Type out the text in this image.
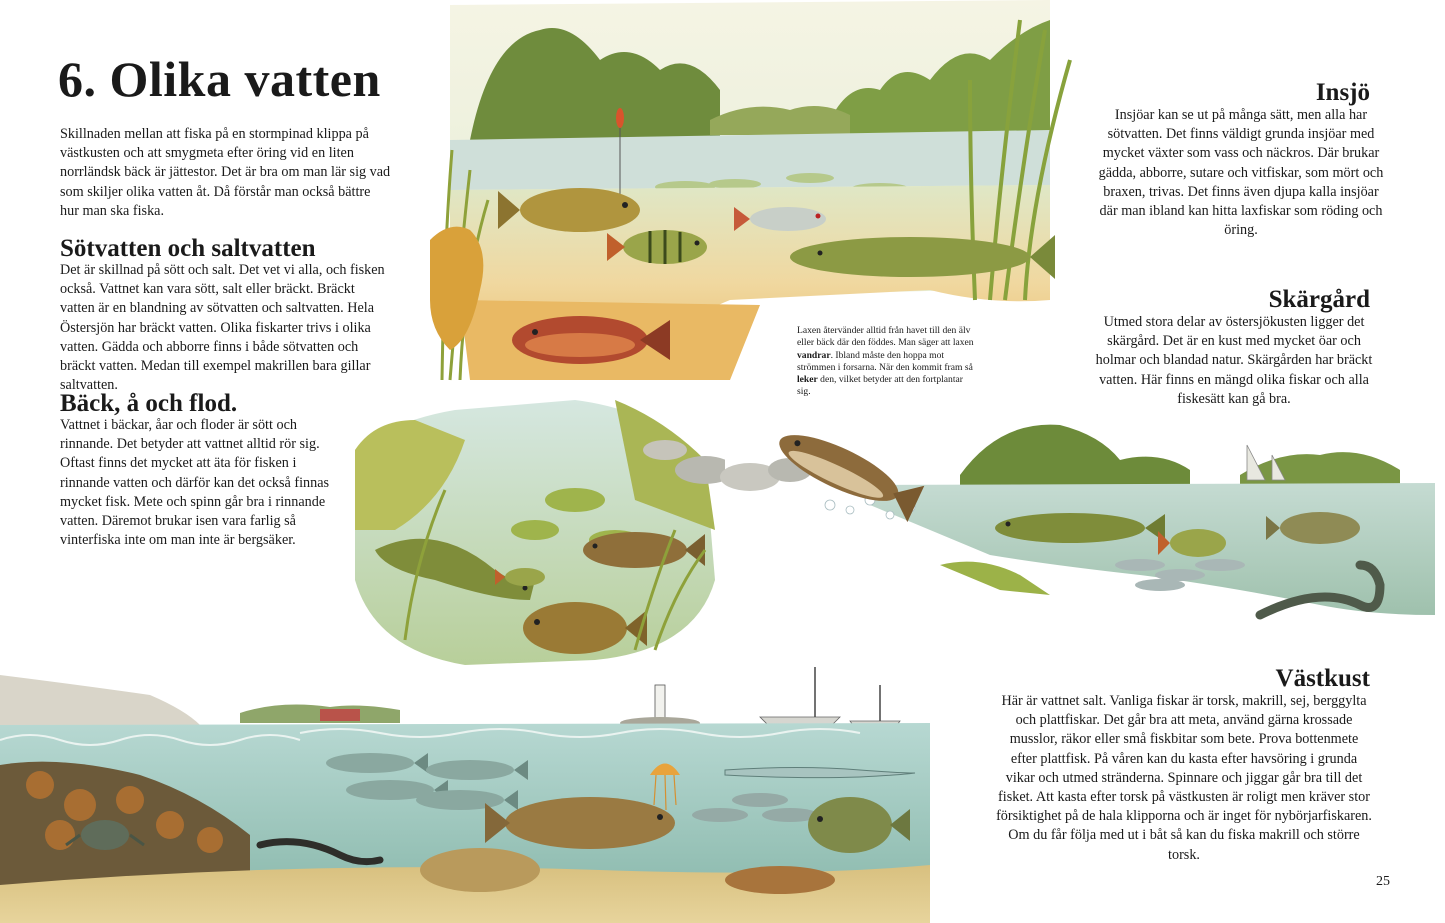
6. Olika vatten

Skillnaden mellan att fiska på en stormpinad klippa på västkusten och att smygmeta efter öring vid en liten norrländsk bäck är jättestor. Det är bra om man lär sig vad som skiljer olika vatten åt. Då förstår man också bättre hur man ska fiska.

Sötvatten och saltvatten

Det är skillnad på sött och salt. Det vet vi alla, och fisken också. Vattnet kan vara sött, salt eller bräckt. Bräckt vatten är en blandning av sötvatten och saltvatten. Hela Östersjön har bräckt vatten. Olika fiskarter trivs i olika vatten. Gädda och abborre finns i både sötvatten och bräckt vatten. Medan till exempel makrillen bara gillar saltvatten.

Bäck, å och flod.

Vattnet i bäckar, åar och floder är sött och rinnande. Det betyder att vattnet alltid rör sig. Oftast finns det mycket att äta för fisken i rinnande vatten och därför kan det också finnas mycket fisk. Mete och spinn går bra i rinnande vatten. Däremot brukar isen vara farlig så vinterfiska inte om man inte är bergsäker.

Insjö

Insjöar kan se ut på många sätt, men alla har sötvatten. Det finns väldigt grunda insjöar med mycket växter som vass och näckros. Där brukar gädda, abborre, sutare och vitfiskar, som mört och braxen, trivas. Det finns även djupa kalla insjöar där man ibland kan hitta laxfiskar som röding och öring.

Skärgård

Utmed stora delar av östersjökusten ligger det skärgård. Det är en kust med mycket öar och holmar och blandad natur. Skärgården har bräckt vatten. Här finns en mängd olika fiskar och alla fiskesätt kan gå bra.

Västkust

Här är vattnet salt. Vanliga fiskar är torsk, makrill, sej, berggylta och plattfiskar. Det går bra att meta, använd gärna krossade musslor, räkor eller små fiskbitar som bete. Prova bottenmete efter plattfisk. På våren kan du kasta efter havsöring i grunda vikar och utmed stränderna. Spinnare och jiggar går bra till det fisket. Att kasta efter torsk på västkusten är roligt men kräver stor försiktighet på de hala klipporna och är inget för nybörjarfiskaren. Om du får följa med ut i båt så kan du fiska makrill och större torsk.

Laxen återvänder alltid från havet till den älv eller bäck där den föddes. Man säger att laxen vandrar. Ibland måste den hoppa mot strömmen i forsarna. När den kommit fram så leker den, vilket betyder att den fortplantar sig.

25
